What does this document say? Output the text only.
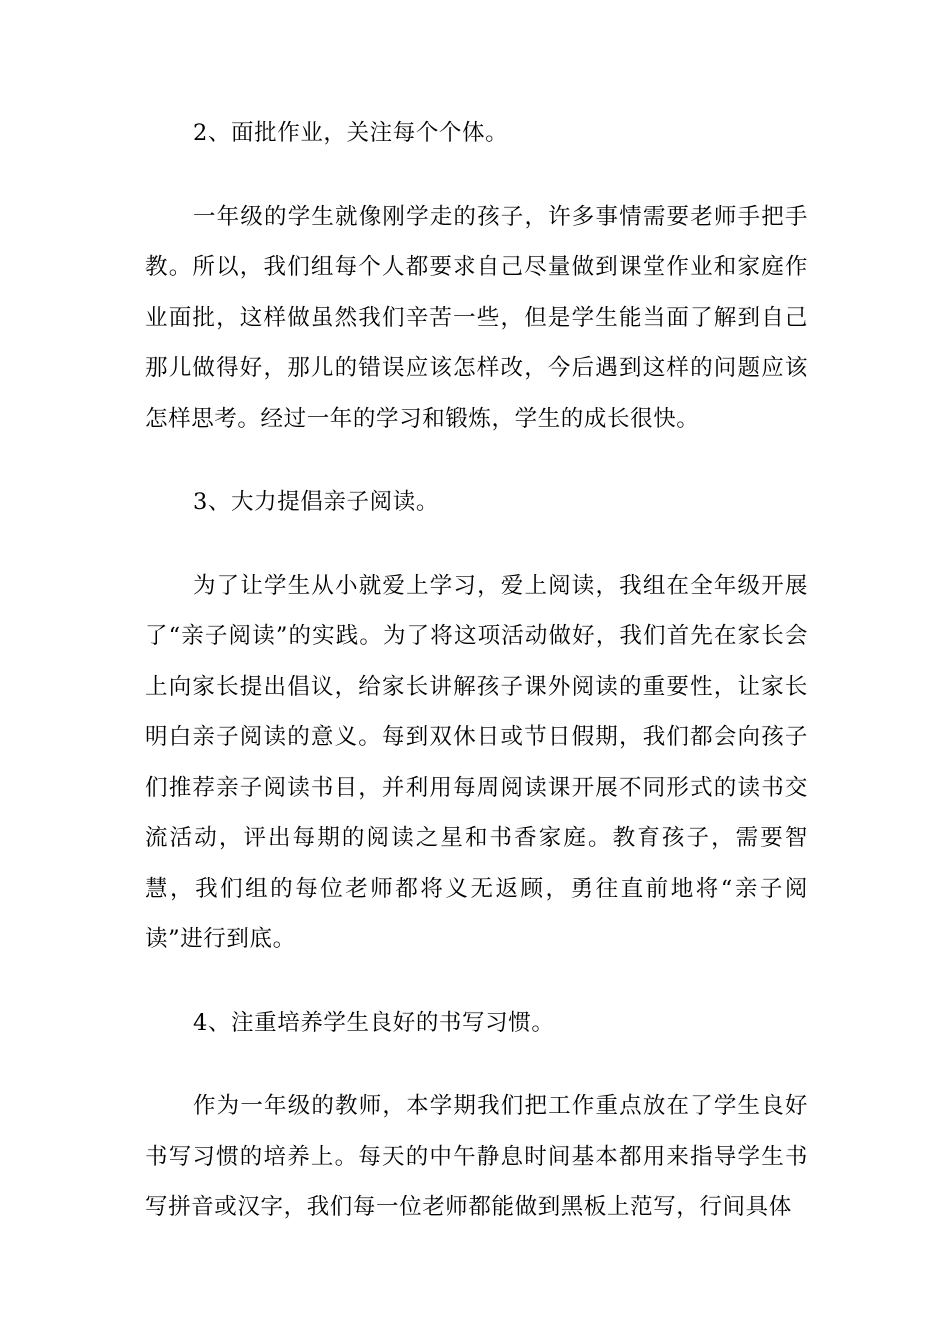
2、面批作业，关注每个个体。

一年级的学生就像刚学走的孩子，许多事情需要老师手把手教。所以，我们组每个人都要求自己尽量做到课堂作业和家庭作业面批，这样做虽然我们辛苦一些，但是学生能当面了解到自己那儿做得好，那儿的错误应该怎样改，今后遇到这样的问题应该怎样思考。经过一年的学习和锻炼，学生的成长很快。

3、大力提倡亲子阅读。

为了让学生从小就爱上学习，爱上阅读，我组在全年级开展了“亲子阅读”的实践。为了将这项活动做好，我们首先在家长会上向家长提出倡议，给家长讲解孩子课外阅读的重要性，让家长明白亲子阅读的意义。每到双休日或节日假期，我们都会向孩子们推荐亲子阅读书目，并利用每周阅读课开展不同形式的读书交流活动，评出每期的阅读之星和书香家庭。教育孩子，需要智慧，我们组的每位老师都将义无返顾，勇往直前地将“亲子阅读”进行到底。

4、注重培养学生良好的书写习惯。

作为一年级的教师，本学期我们把工作重点放在了学生良好书写习惯的培养上。每天的中午静息时间基本都用来指导学生书写拼音或汉字，我们每一位老师都能做到黑板上范写，行间具体
